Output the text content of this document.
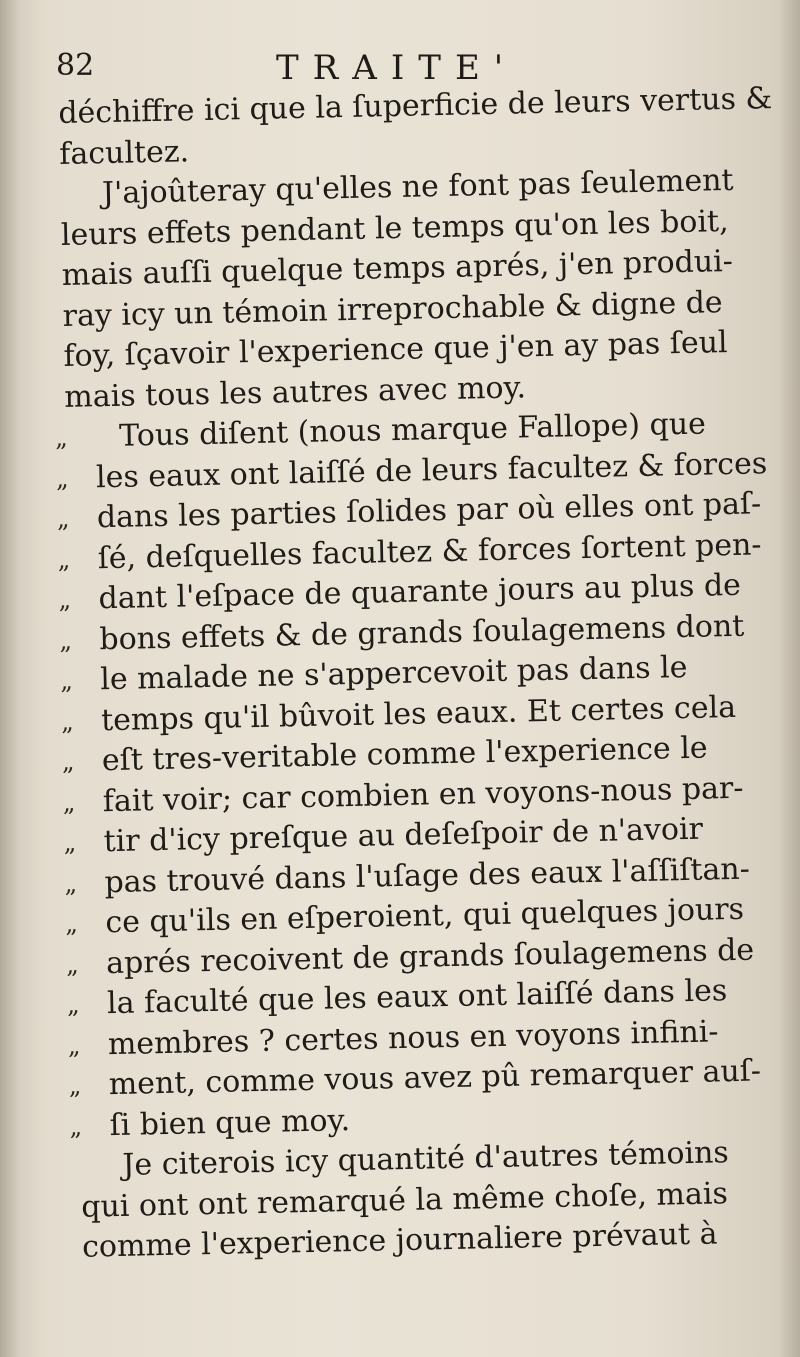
82	TRAITE'
déchiffre ici que la ſuperficie de leurs vertus &
facultez.
J'ajoûteray qu'elles ne font pas ſeulement
leurs effets pendant le temps qu'on les boit,
mais auſſi quelque temps aprés, j'en produi-
ray icy un témoin irreprochable & digne de
foy, ſçavoir l'experience que j'en ay pas ſeul
mais tous les autres avec moy.
„ Tous diſent (nous marque Fallope) que
„ les eaux ont laiſſé de leurs facultez & forces
„ dans les parties ſolides par où elles ont paſ-
„ ſé, deſquelles facultez & forces ſortent pen-
„ dant l'eſpace de quarante jours au plus de
„ bons effets & de grands ſoulagemens dont
„ le malade ne s'appercevoit pas dans le
„ temps qu'il bûvoit les eaux. Et certes cela
„ eſt tres-veritable comme l'experience le
„ fait voir; car combien en voyons-nous par-
„ tir d'icy preſque au deſeſpoir de n'avoir
„ pas trouvé dans l'uſage des eaux l'aſſiſtan-
„ ce qu'ils en eſperoient, qui quelques jours
„ aprés recoivent de grands ſoulagemens de
„ la faculté que les eaux ont laiſſé dans les
„ membres ? certes nous en voyons infini-
„ ment, comme vous avez pû remarquer auſ-
„ ſi bien que moy.
Je citerois icy quantité d'autres témoins
qui ont ont remarqué la même choſe, mais
comme l'experience journaliere prévaut à
